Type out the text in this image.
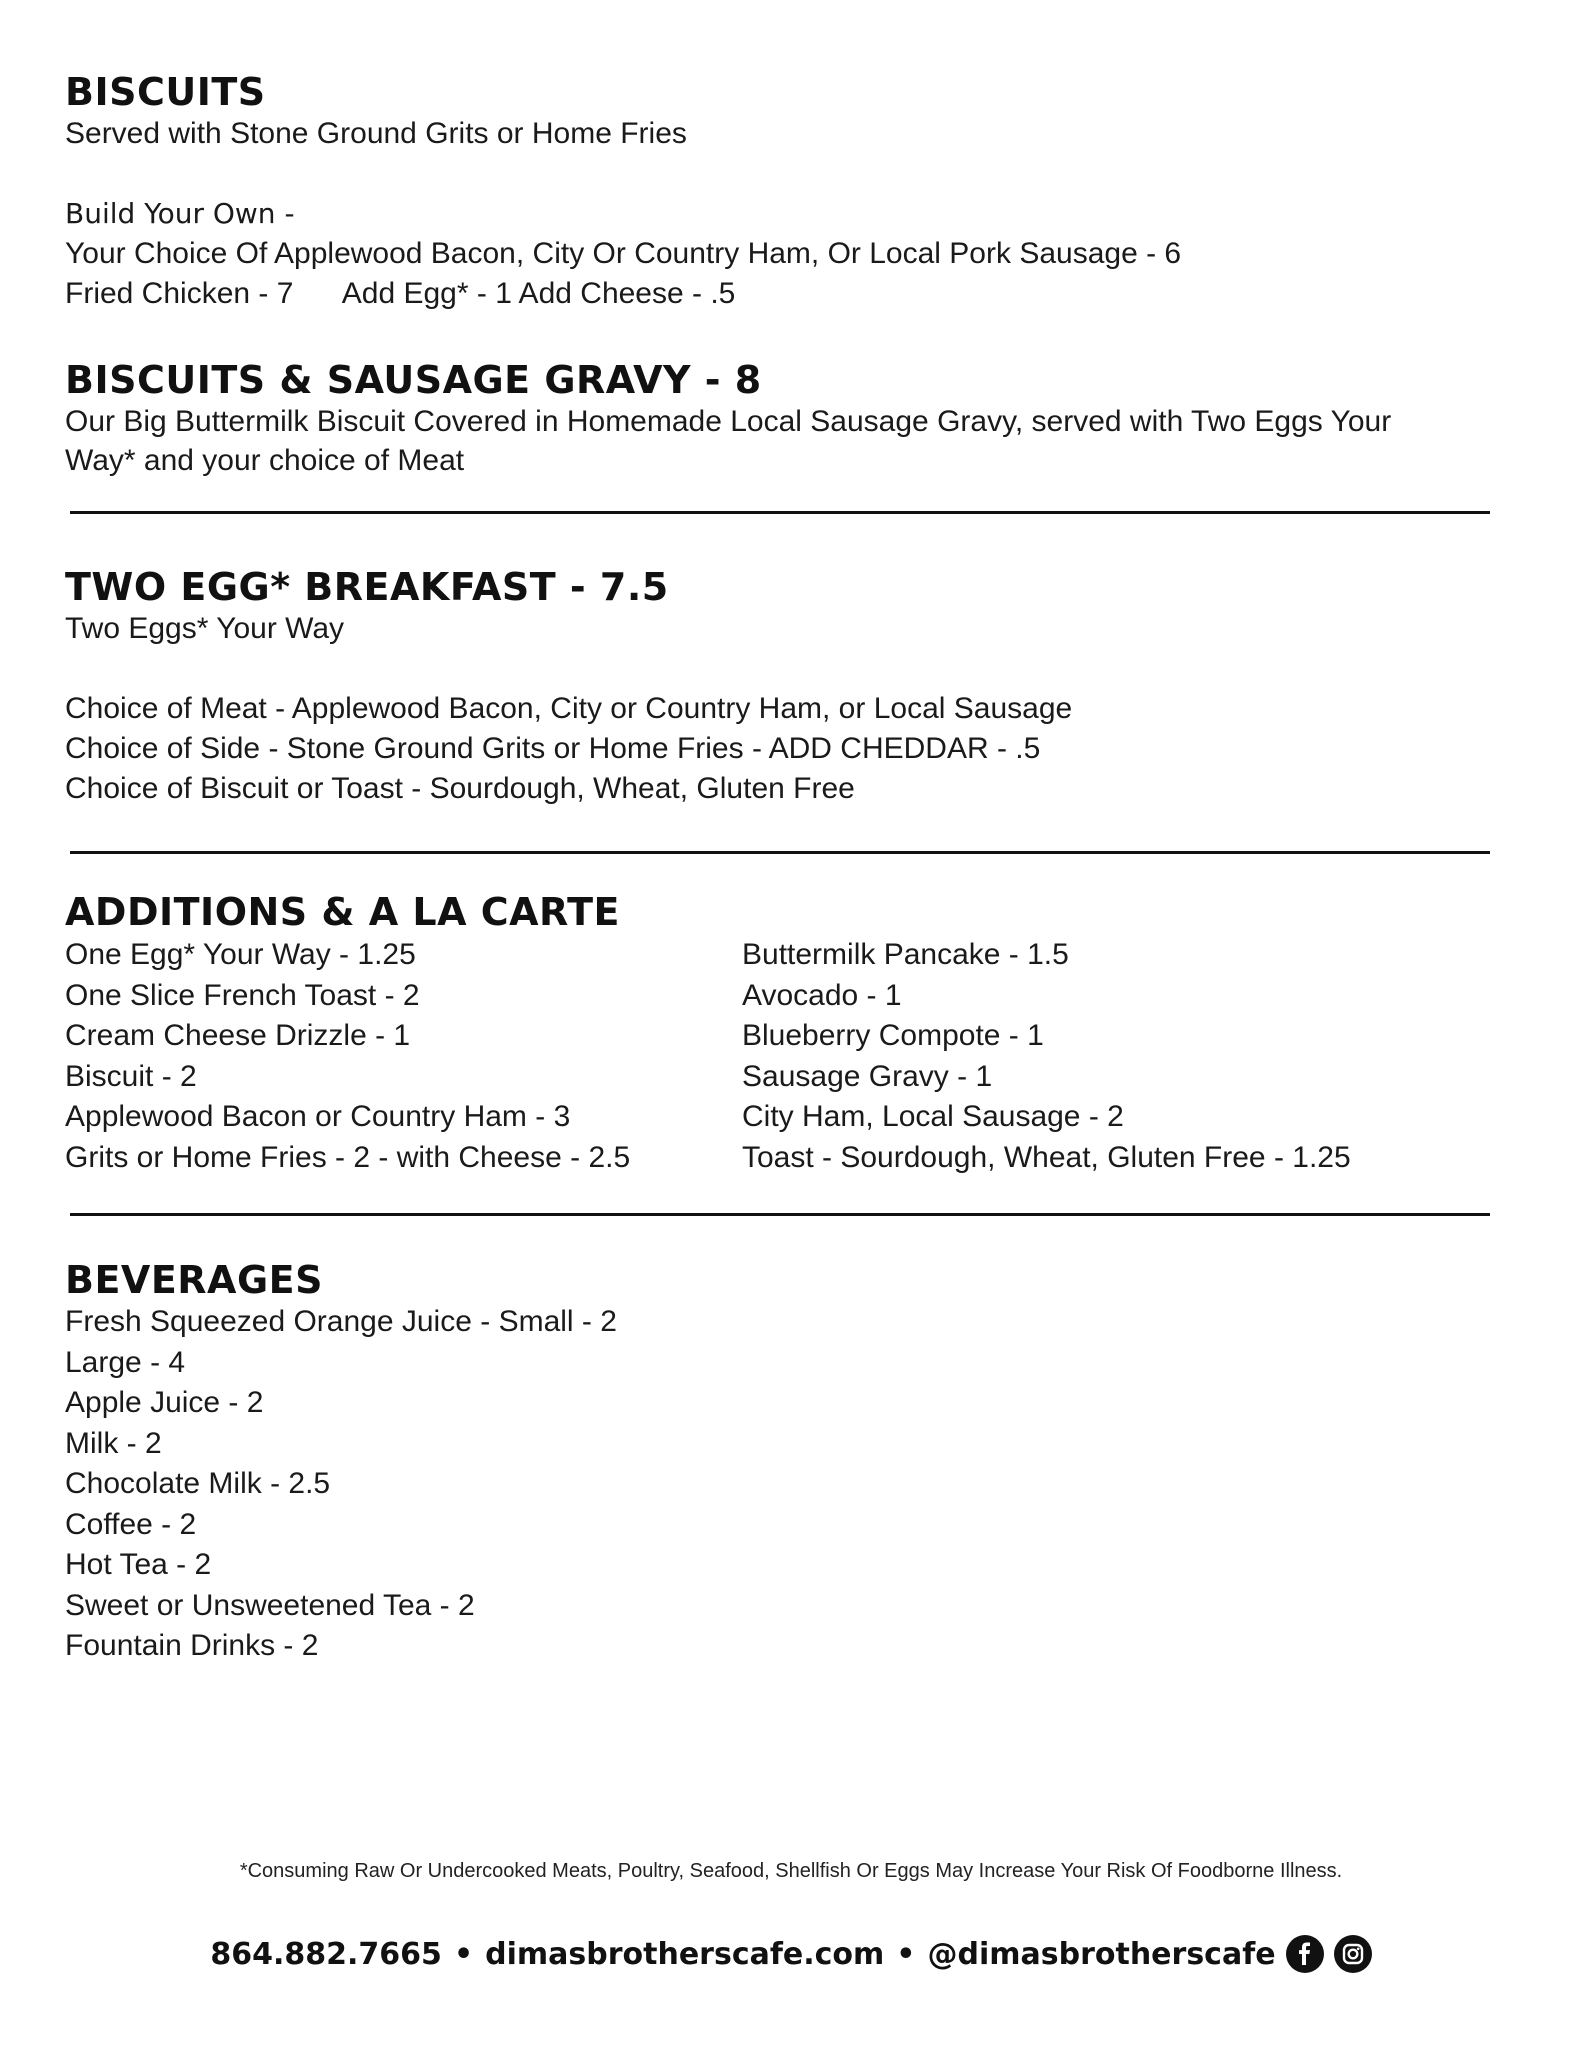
BISCUITS

Served with Stone Ground Grits or Home Fries

Build Your Own -

Your Choice Of Applewood Bacon, City Or Country Ham, Or Local Pork Sausage - 6

Fried Chicken - 7      Add Egg* - 1 Add Cheese - .5

BISCUITS & SAUSAGE GRAVY - 8

Our Big Buttermilk Biscuit Covered in Homemade Local Sausage Gravy, served with Two Eggs Your

Way* and your choice of Meat

TWO EGG* BREAKFAST - 7.5

Two Eggs* Your Way

Choice of Meat - Applewood Bacon, City or Country Ham, or Local Sausage

Choice of Side - Stone Ground Grits or Home Fries - ADD CHEDDAR - .5

Choice of Biscuit or Toast - Sourdough, Wheat, Gluten Free

ADDITIONS & A LA CARTE
One Egg* Your Way - 1.25
One Slice French Toast - 2
Cream Cheese Drizzle - 1
Biscuit - 2
Applewood Bacon or Country Ham - 3
Grits or Home Fries - 2 - with Cheese - 2.5
Buttermilk Pancake - 1.5
Avocado - 1
Blueberry Compote - 1
Sausage Gravy - 1
City Ham, Local Sausage - 2
Toast - Sourdough, Wheat, Gluten Free - 1.25
BEVERAGES
Fresh Squeezed Orange Juice - Small - 2
Large - 4
Apple Juice - 2
Milk - 2
Chocolate Milk - 2.5
Coffee - 2
Hot Tea - 2
Sweet or Unsweetened Tea - 2
Fountain Drinks - 2
*Consuming Raw Or Undercooked Meats, Poultry, Seafood, Shellfish Or Eggs May Increase Your Risk Of Foodborne Illness.
864.882.7665 • dimasbrotherscafe.com • @dimasbrotherscafe
